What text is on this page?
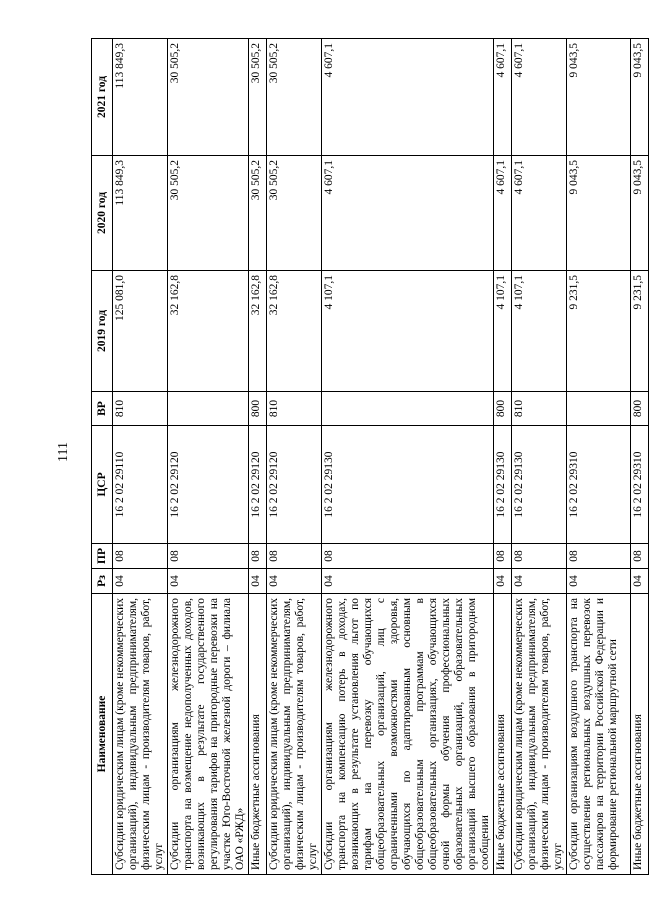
111
Наименование	Рз	ПР	ЦСР	ВР	2019 год	2020 год	2021 год
Субсидии юридическим лицам (кроме некоммерческих организаций), индивидуальным предпринимателям, физическим лицам - производителям товаров, работ, услуг	04	08	16 2 02 29110	810	125 081,0	113 849,3	113 849,3
Субсидии организациям железнодорожного транспорта на возмещение недополученных доходов, возникающих в результате государственного регулирования тарифов на пригородные перевозки на участке Юго-Восточной железной дороги – филиала ОАО «РЖД»	04	08	16 2 02 29120		32 162,8	30 505,2	30 505,2
Иные бюджетные ассигнования	04	08	16 2 02 29120	800	32 162,8	30 505,2	30 505,2
Субсидии юридическим лицам (кроме некоммерческих организаций), индивидуальным предпринимателям, физическим лицам - производителям товаров, работ, услуг	04	08	16 2 02 29120	810	32 162,8	30 505,2	30 505,2
Субсидии организациям железнодорожного транспорта на компенсацию потерь в доходах, возникающих в результате установления льгот по тарифам на перевозку обучающихся общеобразовательных организаций, лиц с ограниченными возможностями здоровья, обучающихся по адаптированным основным общеобразовательным программам в общеобразовательных организациях, обучающихся очной формы обучения профессиональных образовательных организаций, образовательных организаций высшего образования в пригородном сообщении	04	08	16 2 02 29130		4 107,1	4 607,1	4 607,1
Иные бюджетные ассигнования	04	08	16 2 02 29130	800	4 107,1	4 607,1	4 607,1
Субсидии юридическим лицам (кроме некоммерческих организаций), индивидуальным предпринимателям, физическим лицам - производителям товаров, работ, услуг	04	08	16 2 02 29130	810	4 107,1	4 607,1	4 607,1
Субсидии организациям воздушного транспорта на осуществление региональных воздушных перевозок пассажиров на территории Российской Федерации и формирование региональной маршрутной сети	04	08	16 2 02 29310		9 231,5	9 043,5	9 043,5
Иные бюджетные ассигнования	04	08	16 2 02 29310	800	9 231,5	9 043,5	9 043,5
